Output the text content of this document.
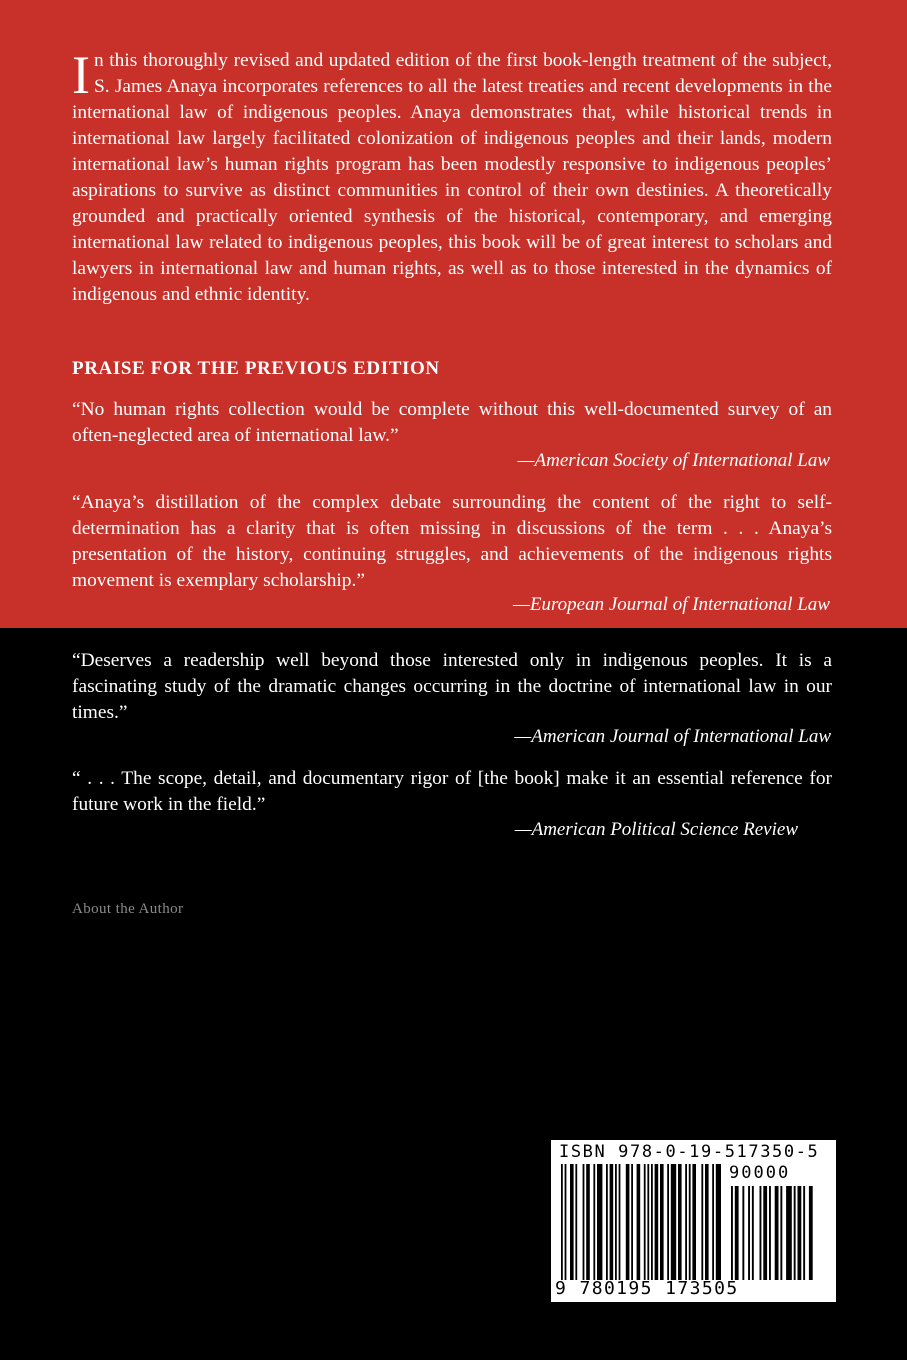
In this thoroughly revised and updated edition of the first book-length treatment of the subject, S. James Anaya incorporates references to all the latest treaties and recent developments in the international law of indigenous peoples. Anaya demonstrates that, while historical trends in international law largely facilitated colonization of indigenous peoples and their lands, modern international law’s human rights program has been modestly responsive to indigenous peoples’ aspirations to survive as distinct communities in control of their own destinies. A theoretically grounded and practically oriented synthesis of the historical, contemporary, and emerging international law related to indigenous peoples, this book will be of great interest to scholars and lawyers in international law and human rights, as well as to those interested in the dynamics of indigenous and ethnic identity.

PRAISE FOR THE PREVIOUS EDITION

“No human rights collection would be complete without this well-documented survey of an often-neglected area of international law.”

—American Society of International Law

“Anaya’s distillation of the complex debate surrounding the content of the right to self-determination has a clarity that is often missing in discussions of the term . . . Anaya’s presentation of the history, continuing struggles, and achievements of the indigenous rights movement is exemplary scholarship.”

—European Journal of International Law

“Deserves a readership well beyond those interested only in indigenous peoples. It is a fascinating study of the dramatic changes occurring in the doctrine of international law in our times.”

—American Journal of International Law

“ . . . The scope, detail, and documentary rigor of [the book] make it an essential reference for future work in the field.”

—American Political Science Review

About the Author

S. James Anaya is James J. Lenoir Professor of Human Rights Law and Policy at the University of Arizona, James E. Rogers College of Law, where he teaches and writes in the fields of international human rights, indigenous peoples’ rights, and constitutional law. He has practiced law representing Native American peoples and organizations in matters before United States courts and international institutions.

OXFORD

UNIVERSITY PRESS

www.oup.com

ISBN 978-0-19-517350-5

90000

9 780195 173505
